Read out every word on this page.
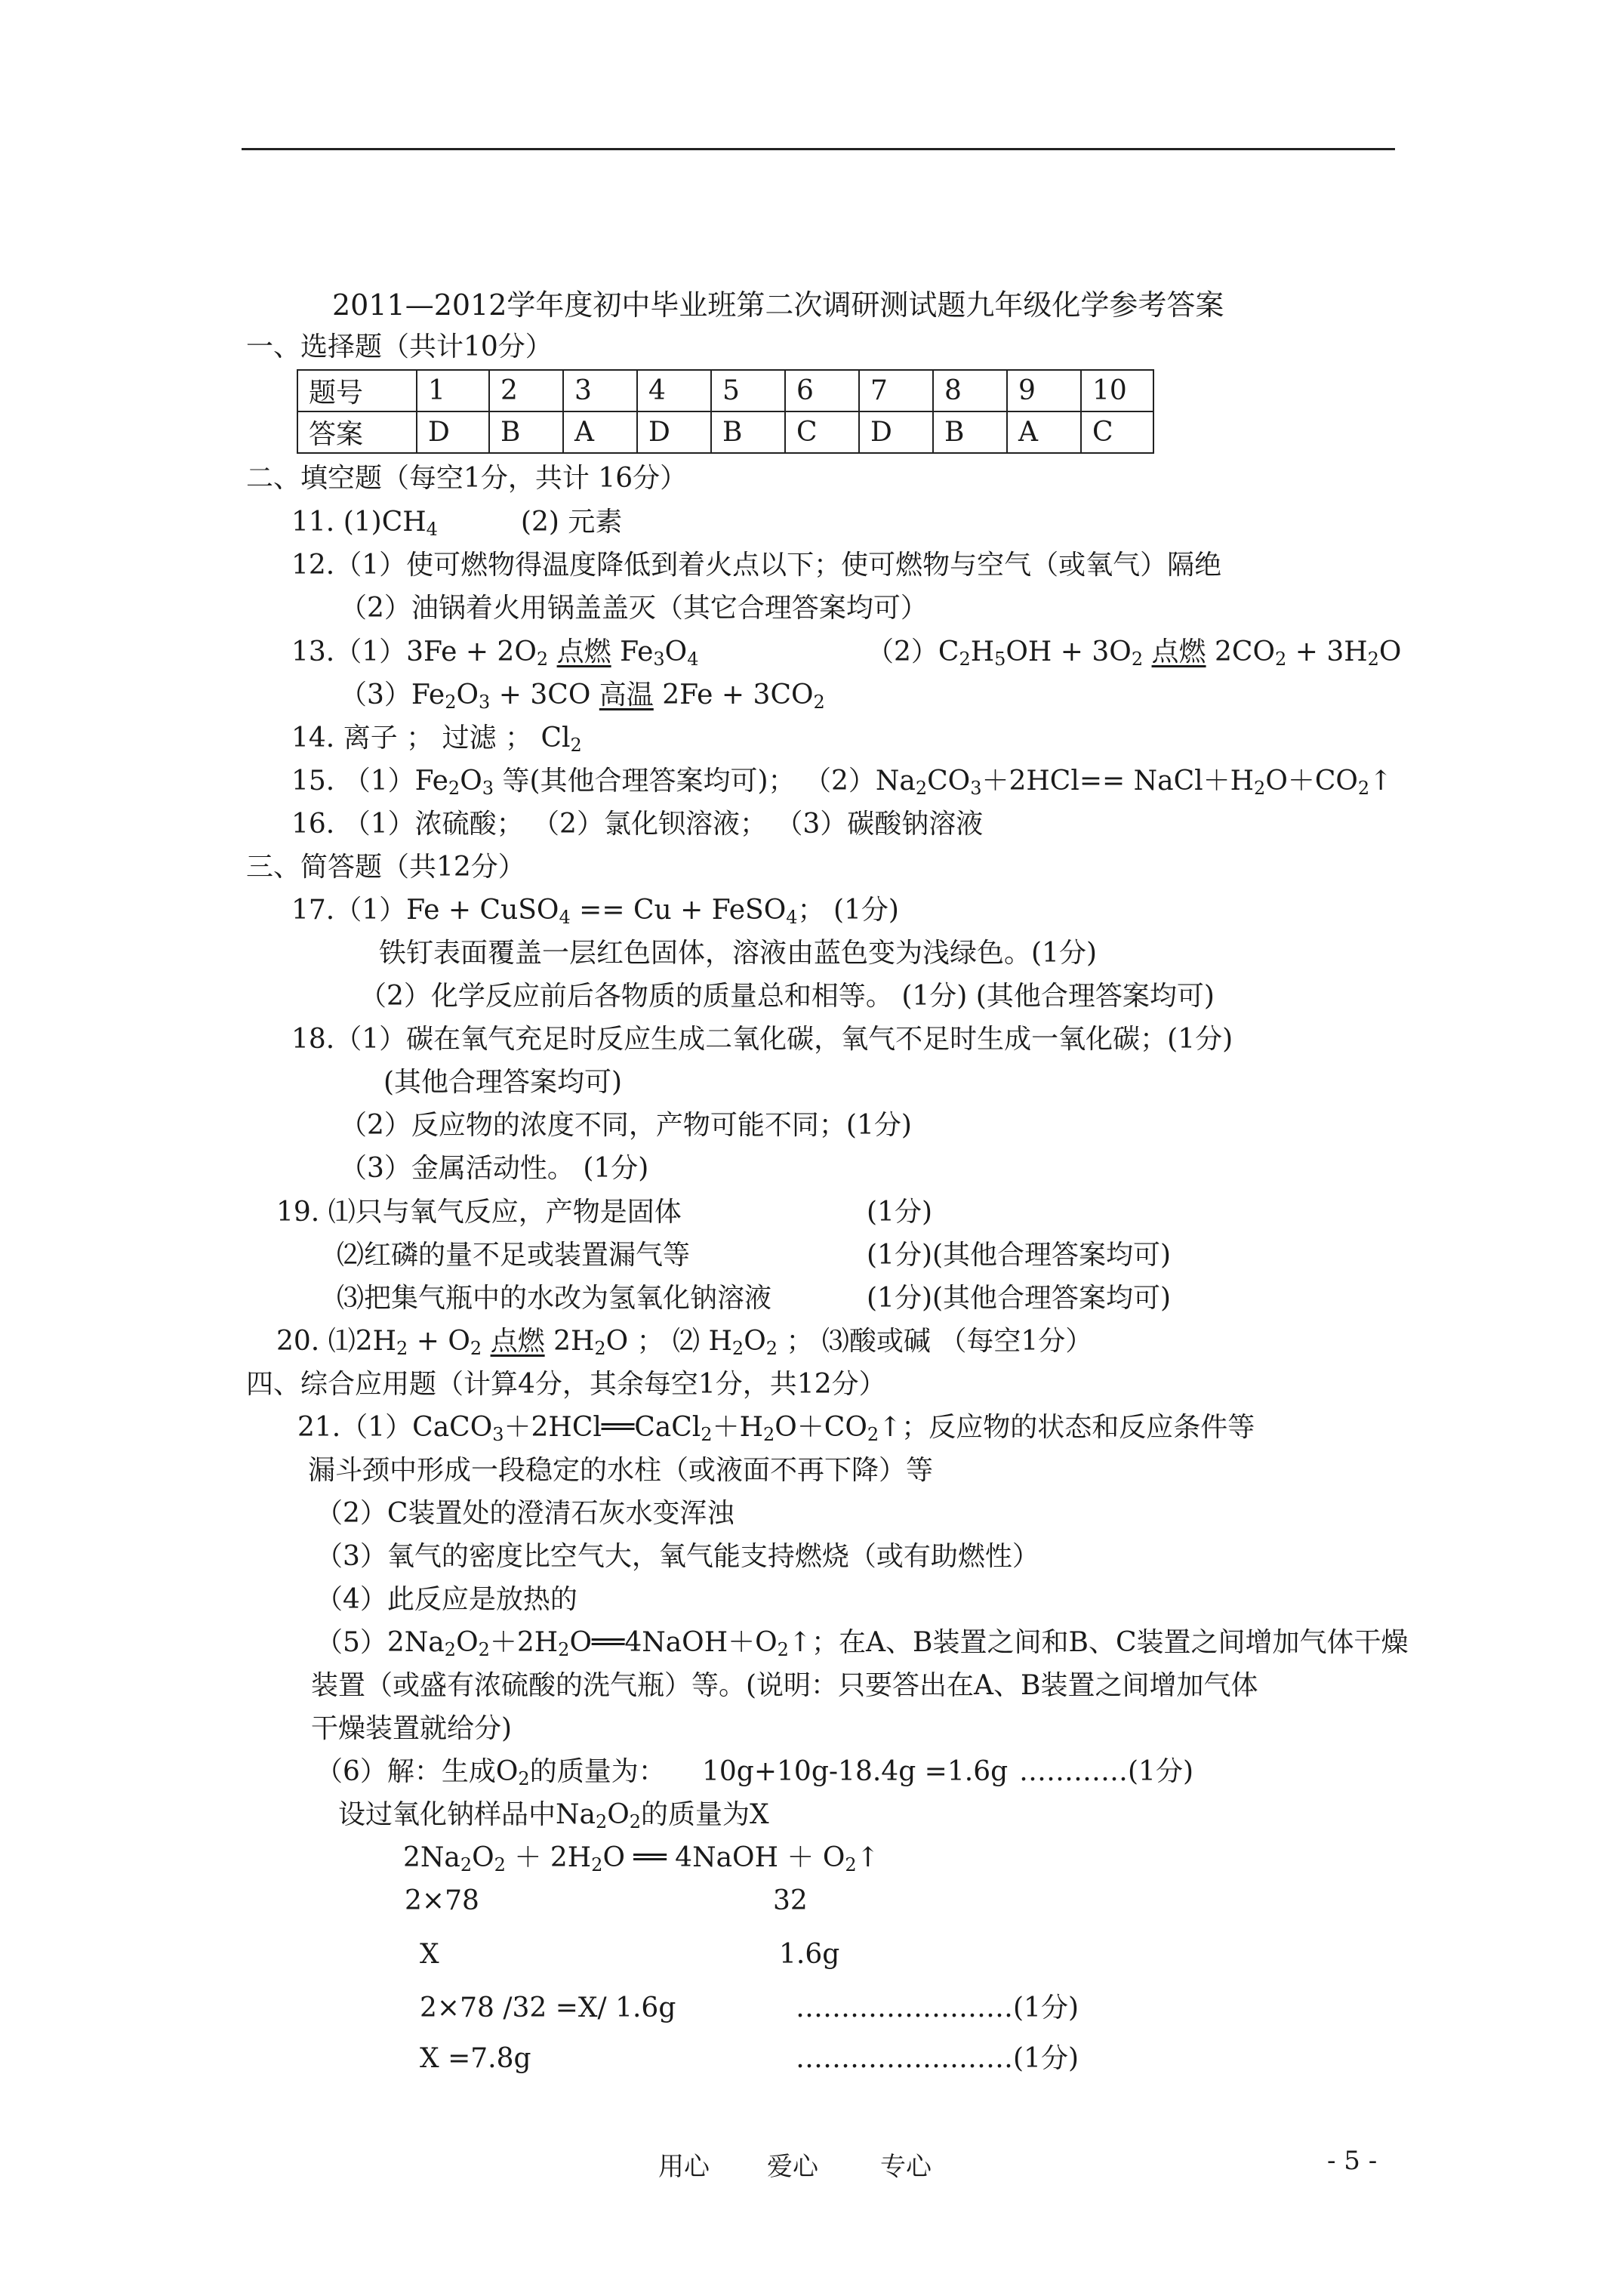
2011—2012学年度初中毕业班第二次调研测试题九年级化学参考答案
一、选择题（共计10分）
题号	1	2	3	4	5	6	7	8	9	10
答案	D	B	A	D	B	C	D	B	A	C
二、填空题（每空1分，共计 16分）
11. $(1)CH_4$	(2) 元素
12.（1）使可燃物得温度降低到着火点以下；使可燃物与空气（或氧气）隔绝
（2）油锅着火用锅盖盖灭（其它合理答案均可）
$13.(1)3Fe + 2O_2$ 点燃 $Fe_3O_4$	$(2)C_2H_5OH + 3O_2$ 点燃 $2CO_2 + 3H_2O$
$(3)Fe_2O_3 + 3CO$ 高温 $2Fe + 3CO_2$
14. 离子 ； 过滤 ； $Cl_2$
15. $(1)Fe_2O_3$ 等(其他合理答案均可)； $(2)Na_2CO_3+2HCl==$ $NaCl+H_2O+CO_2↑$
16. （1）浓硫酸； （2）氯化钡溶液； （3）碳酸钠溶液
三、简答题（共12分）
17.（1）Fe + CuSO$_4$ == Cu + FeSO$_4$； (1分)
铁钉表面覆盖一层红色固体，溶液由蓝色变为浅绿色。(1分)
（2）化学反应前后各物质的质量总和相等。 (1分) (其他合理答案均可)
18.（1）碳在氧气充足时反应生成二氧化碳，氧气不足时生成一氧化碳；(1分)
(其他合理答案均可)
（2）反应物的浓度不同，产物可能不同；(1分)
（3）金属活动性。 (1分)
19. ⑴只与氧气反应，产物是固体	(1分)
⑵红磷的量不足或装置漏气等	(1分)(其他合理答案均可)
⑶把集气瓶中的水改为氢氧化钠溶液	(1分)(其他合理答案均可)
20. $⑴2H_2 + O_2$ 点燃 $2H_2O$ ； ⑵ $H_2O_2$ ； ⑶酸或碱 （每空1分）
四、综合应用题（计算4分，其余每空1分，共12分）
$21.(1)CaCO_3+2HCl══CaCl_2+H_2O+CO_2↑$；反应物的状态和反应条件等
漏斗颈中形成一段稳定的水柱（或液面不再下降）等
（2）C装置处的澄清石灰水变浑浊
（3）氧气的密度比空气大，氧气能支持燃烧（或有助燃性）
（4）此反应是放热的
$(5)2Na_2O_2+2H_2O══4NaOH+O_2↑$；在A、B装置之间和B、C装置之间增加气体干燥
装置（或盛有浓硫酸的洗气瓶）等。(说明：只要答出在A、B装置之间增加气体
干燥装置就给分)
（6）解：生成$O_2$的质量为： 10g+10g-18.4g =1.6g …………(1分)
设过氧化钠样品中$Na_2O_2$的质量为X
$2Na_2O_2 + 2H_2O$ ══ 4NaOH ＋ $O_2↑$
2×78	32
X	1.6g
2×78 /32 =X/ 1.6g	……………………(1分)
X =7.8g	……………………(1分)
用心 爱心 专心	- 5 -
